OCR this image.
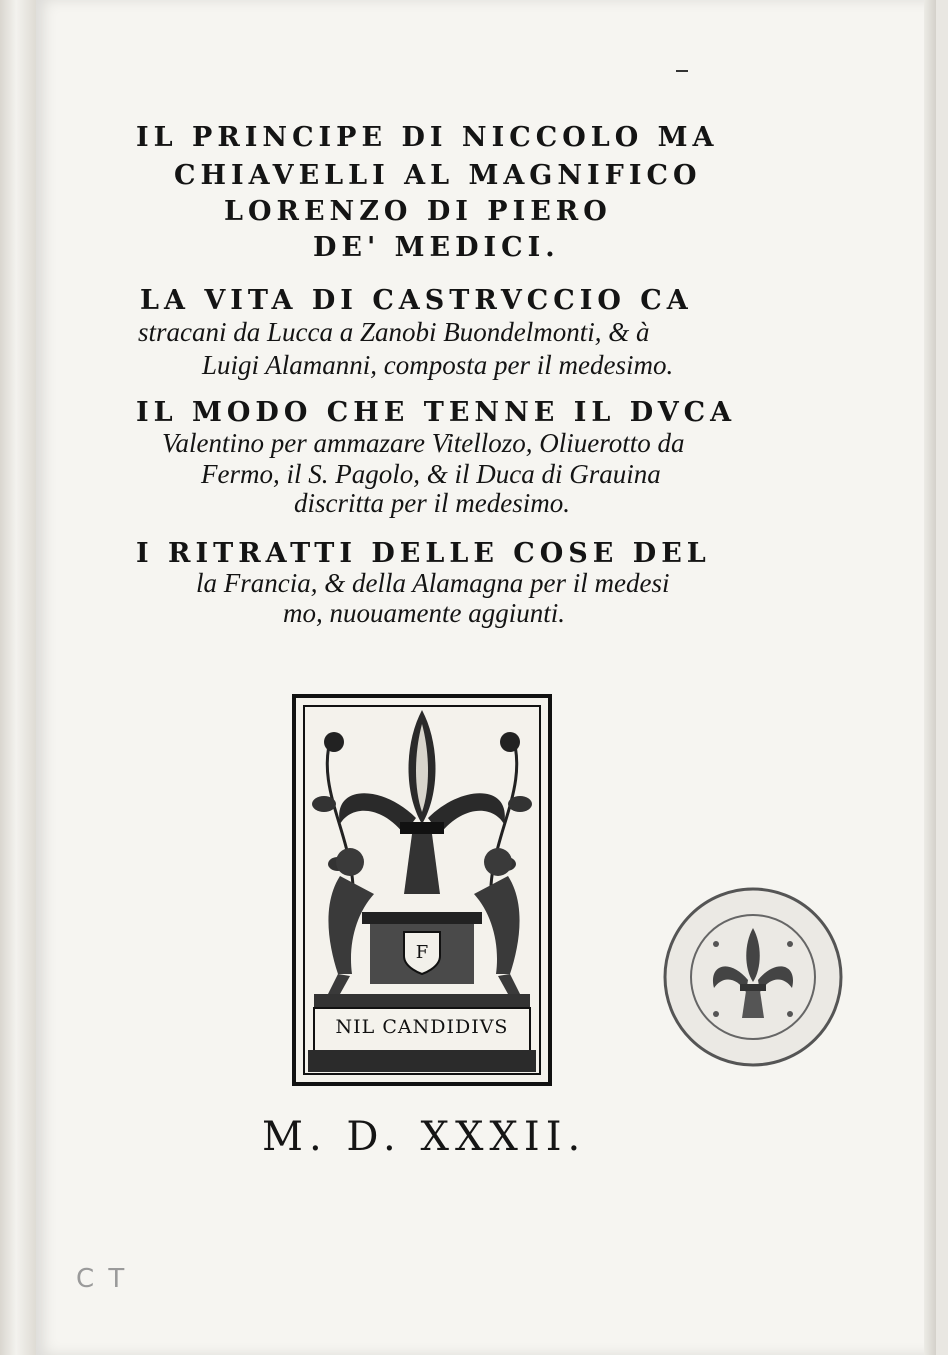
IL PRINCIPE DI NICCOLO MA
CHIAVELLI AL MAGNIFICO
LORENZO DI PIERO
DE' MEDICI.
LA VITA DI CASTRVCCIO CA
stracani da Lucca a Zanobi Buondelmonti, & à
Luigi Alamanni, composta per il medesimo.
IL MODO CHE TENNE IL DVCA
Valentino per ammazare Vitellozo, Oliuerotto da
Fermo, il S. Pagolo, & il Duca di Grauina
discritta per il medesimo.
I RITRATTI DELLE COSE DEL
la Francia, & della Alamagna per il medesi
mo, nuouamente aggiunti.
F
NIL CANDIDIVS
M. D. XXXII.
C T
